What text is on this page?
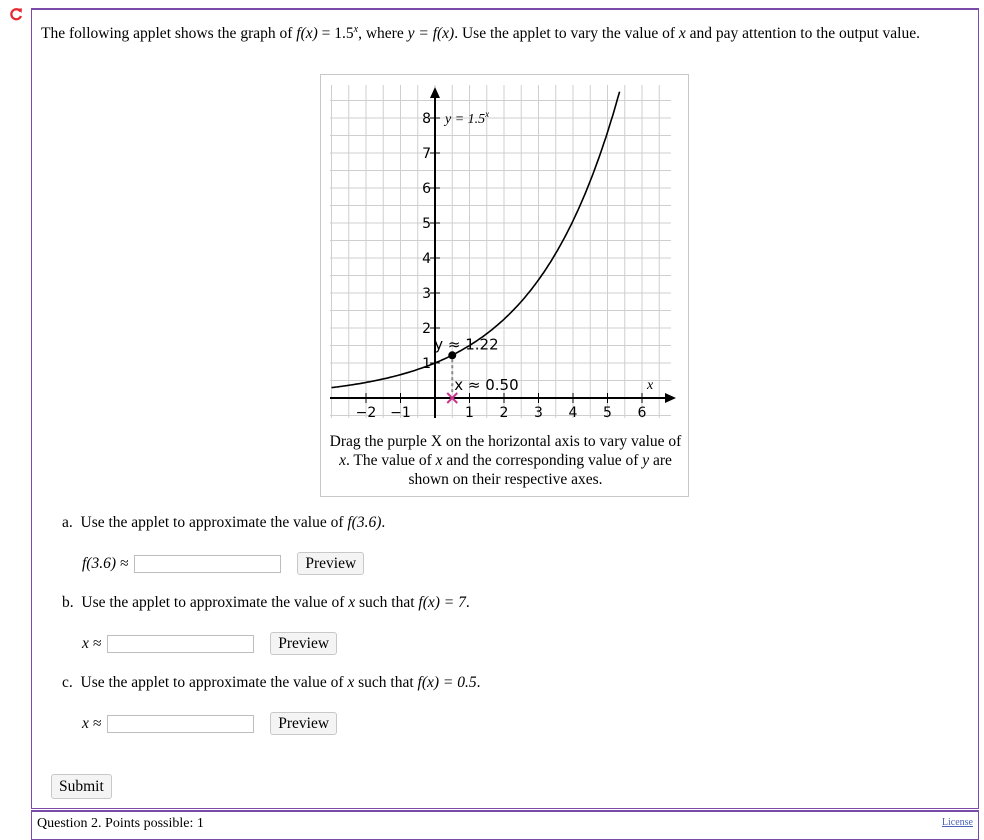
The following applet shows the graph of $f(x) = 1.5^x$, where y = f(x). Use the applet to vary the value of x and pay attention to the output value.
−2 −1	1 2 3 4 5 6
1
2
3
4
5
6
7
8 $y = 1.5^x$
y ≈ 1.22
x ≈ 0.50	x
Drag the purple X on the horizontal axis to vary value of x. The value of x and the corresponding value of y are shown on their respective axes.
a. Use the applet to approximate the value of f(3.6).
f(3.6) ≈	Preview
b. Use the applet to approximate the value of x such that f(x) = 7.
x ≈	Preview
c. Use the applet to approximate the value of x such that f(x) = 0.5.
x ≈	Preview
Submit
Question 2. Points possible: 1	License
